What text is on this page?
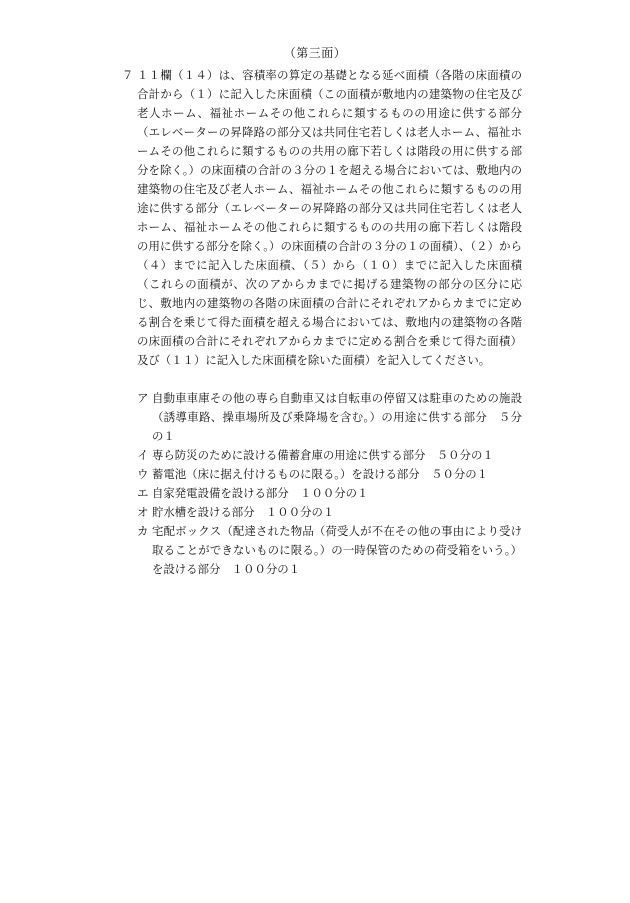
（第三面）
７ １１欄（１４）は、容積率の算定の基礎となる延べ面積（各階の床面積の合計から（１）に記入した床面積（この面積が敷地内の建築物の住宅及び老人ホーム、福祉ホームその他これらに類するものの用途に供する部分（エレベーターの昇降路の部分又は共同住宅若しくは老人ホーム、福祉ホームその他これらに類するものの共用の廊下若しくは階段の用に供する部分を除く。）の床面積の合計の３分の１を超える場合においては、敷地内の建築物の住宅及び老人ホーム、福祉ホームその他これらに類するものの用途に供する部分（エレベーターの昇降路の部分又は共同住宅若しくは老人ホーム、福祉ホームその他これらに類するものの共用の廊下若しくは階段の用に供する部分を除く。）の床面積の合計の３分の１の面積）、（２）から（４）までに記入した床面積、（５）から（１０）までに記入した床面積（これらの面積が、次のアからカまでに掲げる建築物の部分の区分に応じ、敷地内の建築物の各階の床面積の合計にそれぞれアからカまでに定める割合を乗じて得た面積を超える場合においては、敷地内の建築物の各階の床面積の合計にそれぞれアからカまでに定める割合を乗じて得た面積）及び（１１）に記入した床面積を除いた面積）を記入してください。
ア 自動車車庫その他の専ら自動車又は自転車の停留又は駐車のための施設（誘導車路、操車場所及び乗降場を含む。）の用途に供する部分　５分の１
イ 専ら防災のために設ける備蓄倉庫の用途に供する部分　５０分の１
ウ 蓄電池（床に据え付けるものに限る。）を設ける部分　５０分の１
エ 自家発電設備を設ける部分　１００分の１
オ 貯水槽を設ける部分　１００分の１
カ 宅配ボックス（配達された物品（荷受人が不在その他の事由により受け取ることができないものに限る。）の一時保管のための荷受箱をいう。）を設ける部分　１００分の１
